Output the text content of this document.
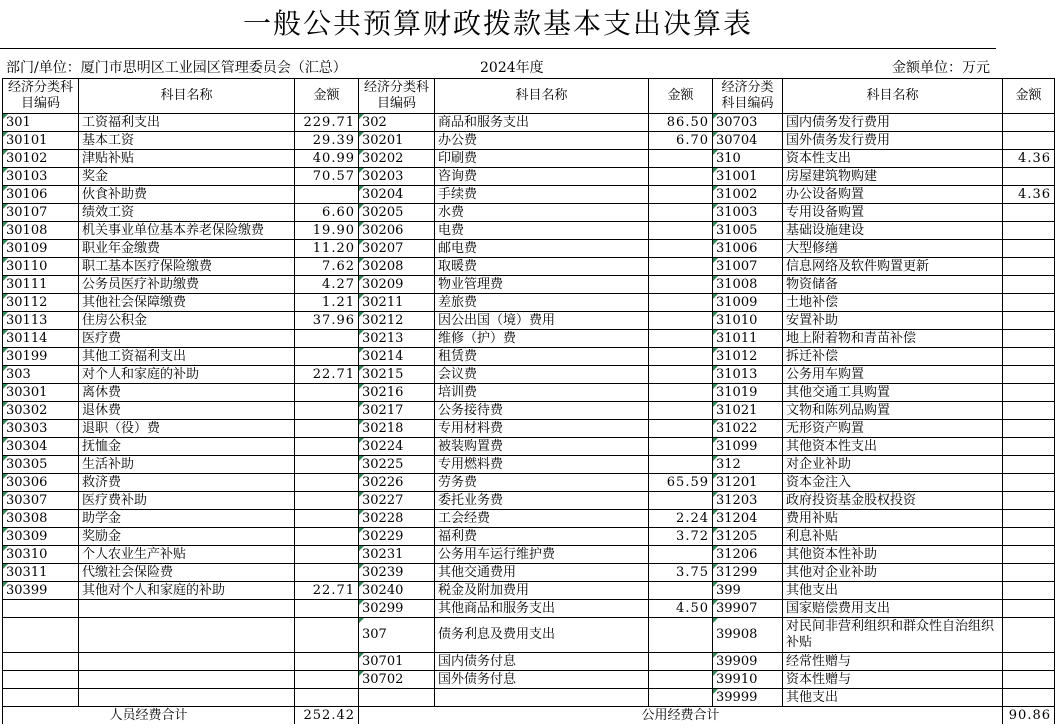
一般公共预算财政拨款基本支出决算表
部门/单位：厦门市思明区工业园区管理委员会（汇总）	2024年度	金额单位：万元
经济分类科目编码	科目名称	金额	经济分类科目编码	科目名称	金额	经济分类科目编码	科目名称	金额
301	工资福利支出	229.71	302	商品和服务支出	86.50	30703	国内债务发行费用	
30101	基本工资	29.39	30201	办公费	6.70	30704	国外债务发行费用	
30102	津贴补贴	40.99	30202	印刷费		310	资本性支出	4.36
30103	奖金	70.57	30203	咨询费		31001	房屋建筑物购建	
30106	伙食补助费		30204	手续费		31002	办公设备购置	4.36
30107	绩效工资	6.60	30205	水费		31003	专用设备购置	
30108	机关事业单位基本养老保险缴费	19.90	30206	电费		31005	基础设施建设	
30109	职业年金缴费	11.20	30207	邮电费		31006	大型修缮	
30110	职工基本医疗保险缴费	7.62	30208	取暖费		31007	信息网络及软件购置更新	
30111	公务员医疗补助缴费	4.27	30209	物业管理费		31008	物资储备	
30112	其他社会保障缴费	1.21	30211	差旅费		31009	土地补偿	
30113	住房公积金	37.96	30212	因公出国（境）费用		31010	安置补助	
30114	医疗费		30213	维修（护）费		31011	地上附着物和青苗补偿	
30199	其他工资福利支出		30214	租赁费		31012	拆迁补偿	
303	对个人和家庭的补助	22.71	30215	会议费		31013	公务用车购置	
30301	离休费		30216	培训费		31019	其他交通工具购置	
30302	退休费		30217	公务接待费		31021	文物和陈列品购置	
30303	退职（役）费		30218	专用材料费		31022	无形资产购置	
30304	抚恤金		30224	被装购置费		31099	其他资本性支出	
30305	生活补助		30225	专用燃料费		312	对企业补助	
30306	救济费		30226	劳务费	65.59	31201	资本金注入	
30307	医疗费补助		30227	委托业务费		31203	政府投资基金股权投资	
30308	助学金		30228	工会经费	2.24	31204	费用补贴	
30309	奖励金		30229	福利费	3.72	31205	利息补贴	
30310	个人农业生产补贴		30231	公务用车运行维护费		31206	其他资本性补助	
30311	代缴社会保险费		30239	其他交通费用	3.75	31299	其他对企业补助	
30399	其他对个人和家庭的补助	22.71	30240	税金及附加费用		399	其他支出	
			30299	其他商品和服务支出	4.50	39907	国家赔偿费用支出	
			307	债务利息及费用支出		39908	对民间非营利组织和群众性自治组织补贴	
			30701	国内债务付息		39909	经常性赠与	
			30702	国外债务付息		39910	资本性赠与	
						39999	其他支出	
人员经费合计		252.42	公用经费合计					90.86
